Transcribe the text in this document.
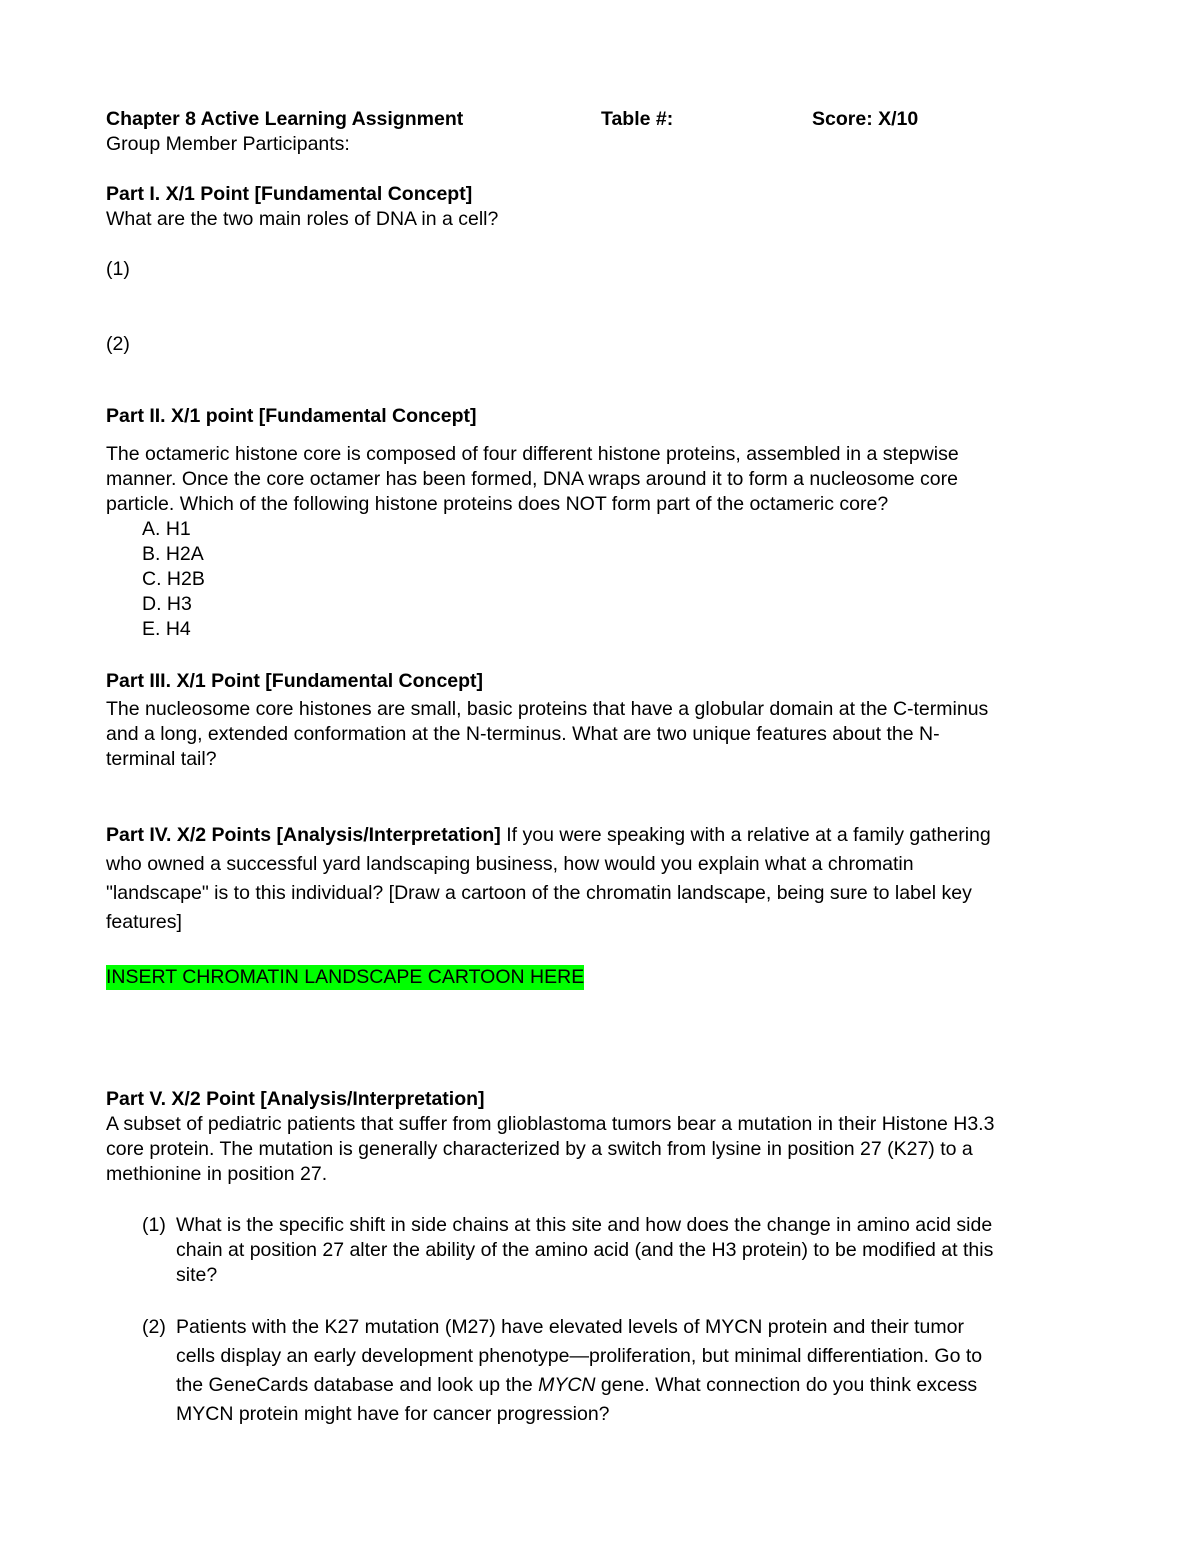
Chapter 8 Active Learning Assignment	Table #:	Score: X/10
Group Member Participants:
Part I. X/1 Point [Fundamental Concept]
What are the two main roles of DNA in a cell?
(1)
(2)
Part II. X/1 point [Fundamental Concept]
The octameric histone core is composed of four different histone proteins, assembled in a stepwise
manner. Once the core octamer has been formed, DNA wraps around it to form a nucleosome core
particle. Which of the following histone proteins does NOT form part of the octameric core?
A. H1
B. H2A
C. H2B
D. H3
E. H4
Part III. X/1 Point [Fundamental Concept]
The nucleosome core histones are small, basic proteins that have a globular domain at the C-terminus
and a long, extended conformation at the N-terminus. What are two unique features about the N-
terminal tail?
Part IV. X/2 Points [Analysis/Interpretation] If you were speaking with a relative at a family gathering
who owned a successful yard landscaping business, how would you explain what a chromatin
"landscape" is to this individual? [Draw a cartoon of the chromatin landscape, being sure to label key
features]
INSERT CHROMATIN LANDSCAPE CARTOON HERE
Part V. X/2 Point [Analysis/Interpretation]
A subset of pediatric patients that suffer from glioblastoma tumors bear a mutation in their Histone H3.3
core protein. The mutation is generally characterized by a switch from lysine in position 27 (K27) to a
methionine in position 27.
(1) What is the specific shift in side chains at this site and how does the change in amino acid side
chain at position 27 alter the ability of the amino acid (and the H3 protein) to be modified at this
site?
(2) Patients with the K27 mutation (M27) have elevated levels of MYCN protein and their tumor
cells display an early development phenotype—proliferation, but minimal differentiation. Go to
the GeneCards database and look up the MYCN gene. What connection do you think excess
MYCN protein might have for cancer progression?
